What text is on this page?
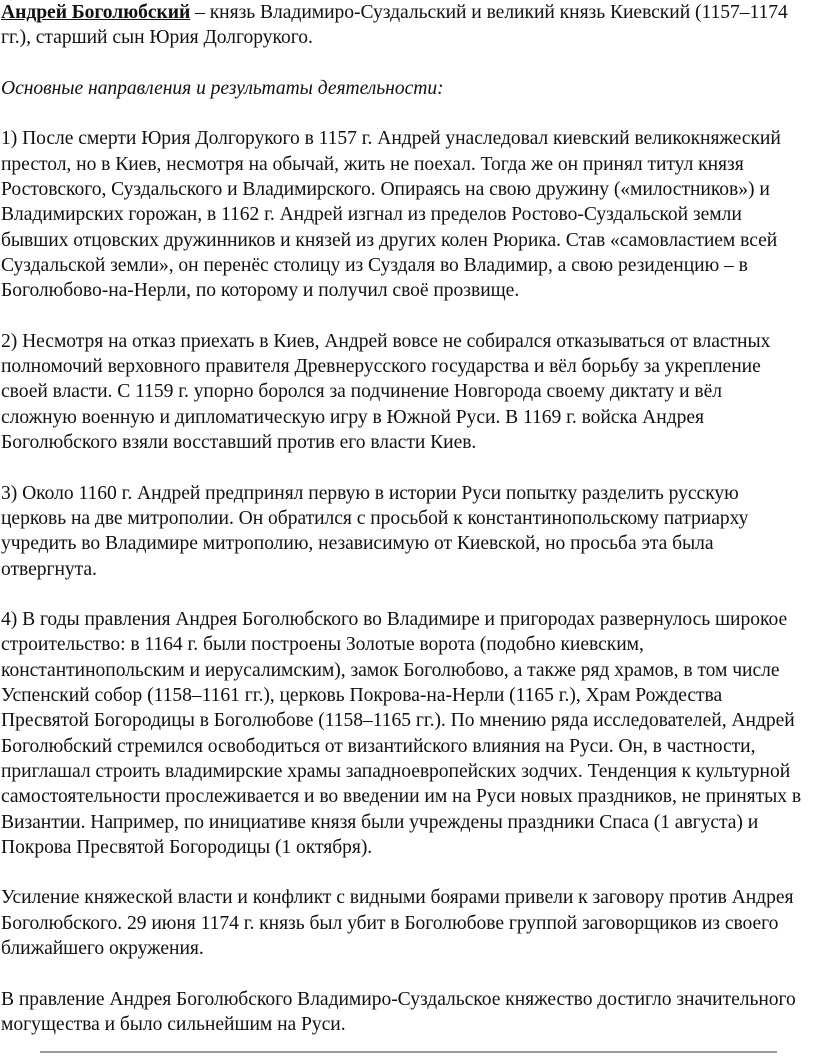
Андрей Боголюбский – князь Владимиро-Суздальский и великий князь Киевский (1157–1174 гг.), старший сын Юрия Долгорукого.

Основные направления и результаты деятельности:

1) После смерти Юрия Долгорукого в 1157 г. Андрей унаследовал киевский великокняжеский престол, но в Киев, несмотря на обычай, жить не поехал. Тогда же он принял титул князя Ростовского, Суздальского и Владимирского. Опираясь на свою дружину («милостников») и Владимирских горожан, в 1162 г. Андрей изгнал из пределов Ростово-Суздальской земли бывших отцовских дружинников и князей из других колен Рюрика. Став «самовластием всей Суздальской земли», он перенёс столицу из Суздаля во Владимир, а свою резиденцию – в Боголюбово-на-Нерли, по которому и получил своё прозвище.

2) Несмотря на отказ приехать в Киев, Андрей вовсе не собирался отказываться от властных полномочий верховного правителя Древнерусского государства и вёл борьбу за укрепление своей власти. С 1159 г. упорно боролся за подчинение Новгорода своему диктату и вёл сложную военную и дипломатическую игру в Южной Руси. В 1169 г. войска Андрея Боголюбского взяли восставший против его власти Киев.

3) Около 1160 г. Андрей предпринял первую в истории Руси попытку разделить русскую церковь на две митрополии. Он обратился с просьбой к константинопольскому патриарху учредить во Владимире митрополию, независимую от Киевской, но просьба эта была отвергнута.

4) В годы правления Андрея Боголюбского во Владимире и пригородах развернулось широкое строительство: в 1164 г. были построены Золотые ворота (подобно киевским, константинопольским и иерусалимским), замок Боголюбово, а также ряд храмов, в том числе Успенский собор (1158–1161 гг.), церковь Покрова-на-Нерли (1165 г.), Храм Рождества Пресвятой Богородицы в Боголюбове (1158–1165 гг.). По мнению ряда исследователей, Андрей Боголюбский стремился освободиться от византийского влияния на Руси. Он, в частности, приглашал строить владимирские храмы западноевропейских зодчих. Тенденция к культурной самостоятельности прослеживается и во введении им на Руси новых праздников, не принятых в Византии. Например, по инициативе князя были учреждены праздники Спаса (1 августа) и Покрова Пресвятой Богородицы (1 октября).

Усиление княжеской власти и конфликт с видными боярами привели к заговору против Андрея Боголюбского. 29 июня 1174 г. князь был убит в Боголюбове группой заговорщиков из своего ближайшего окружения.

В правление Андрея Боголюбского Владимиро-Суздальское княжество достигло значительного могущества и было сильнейшим на Руси.
